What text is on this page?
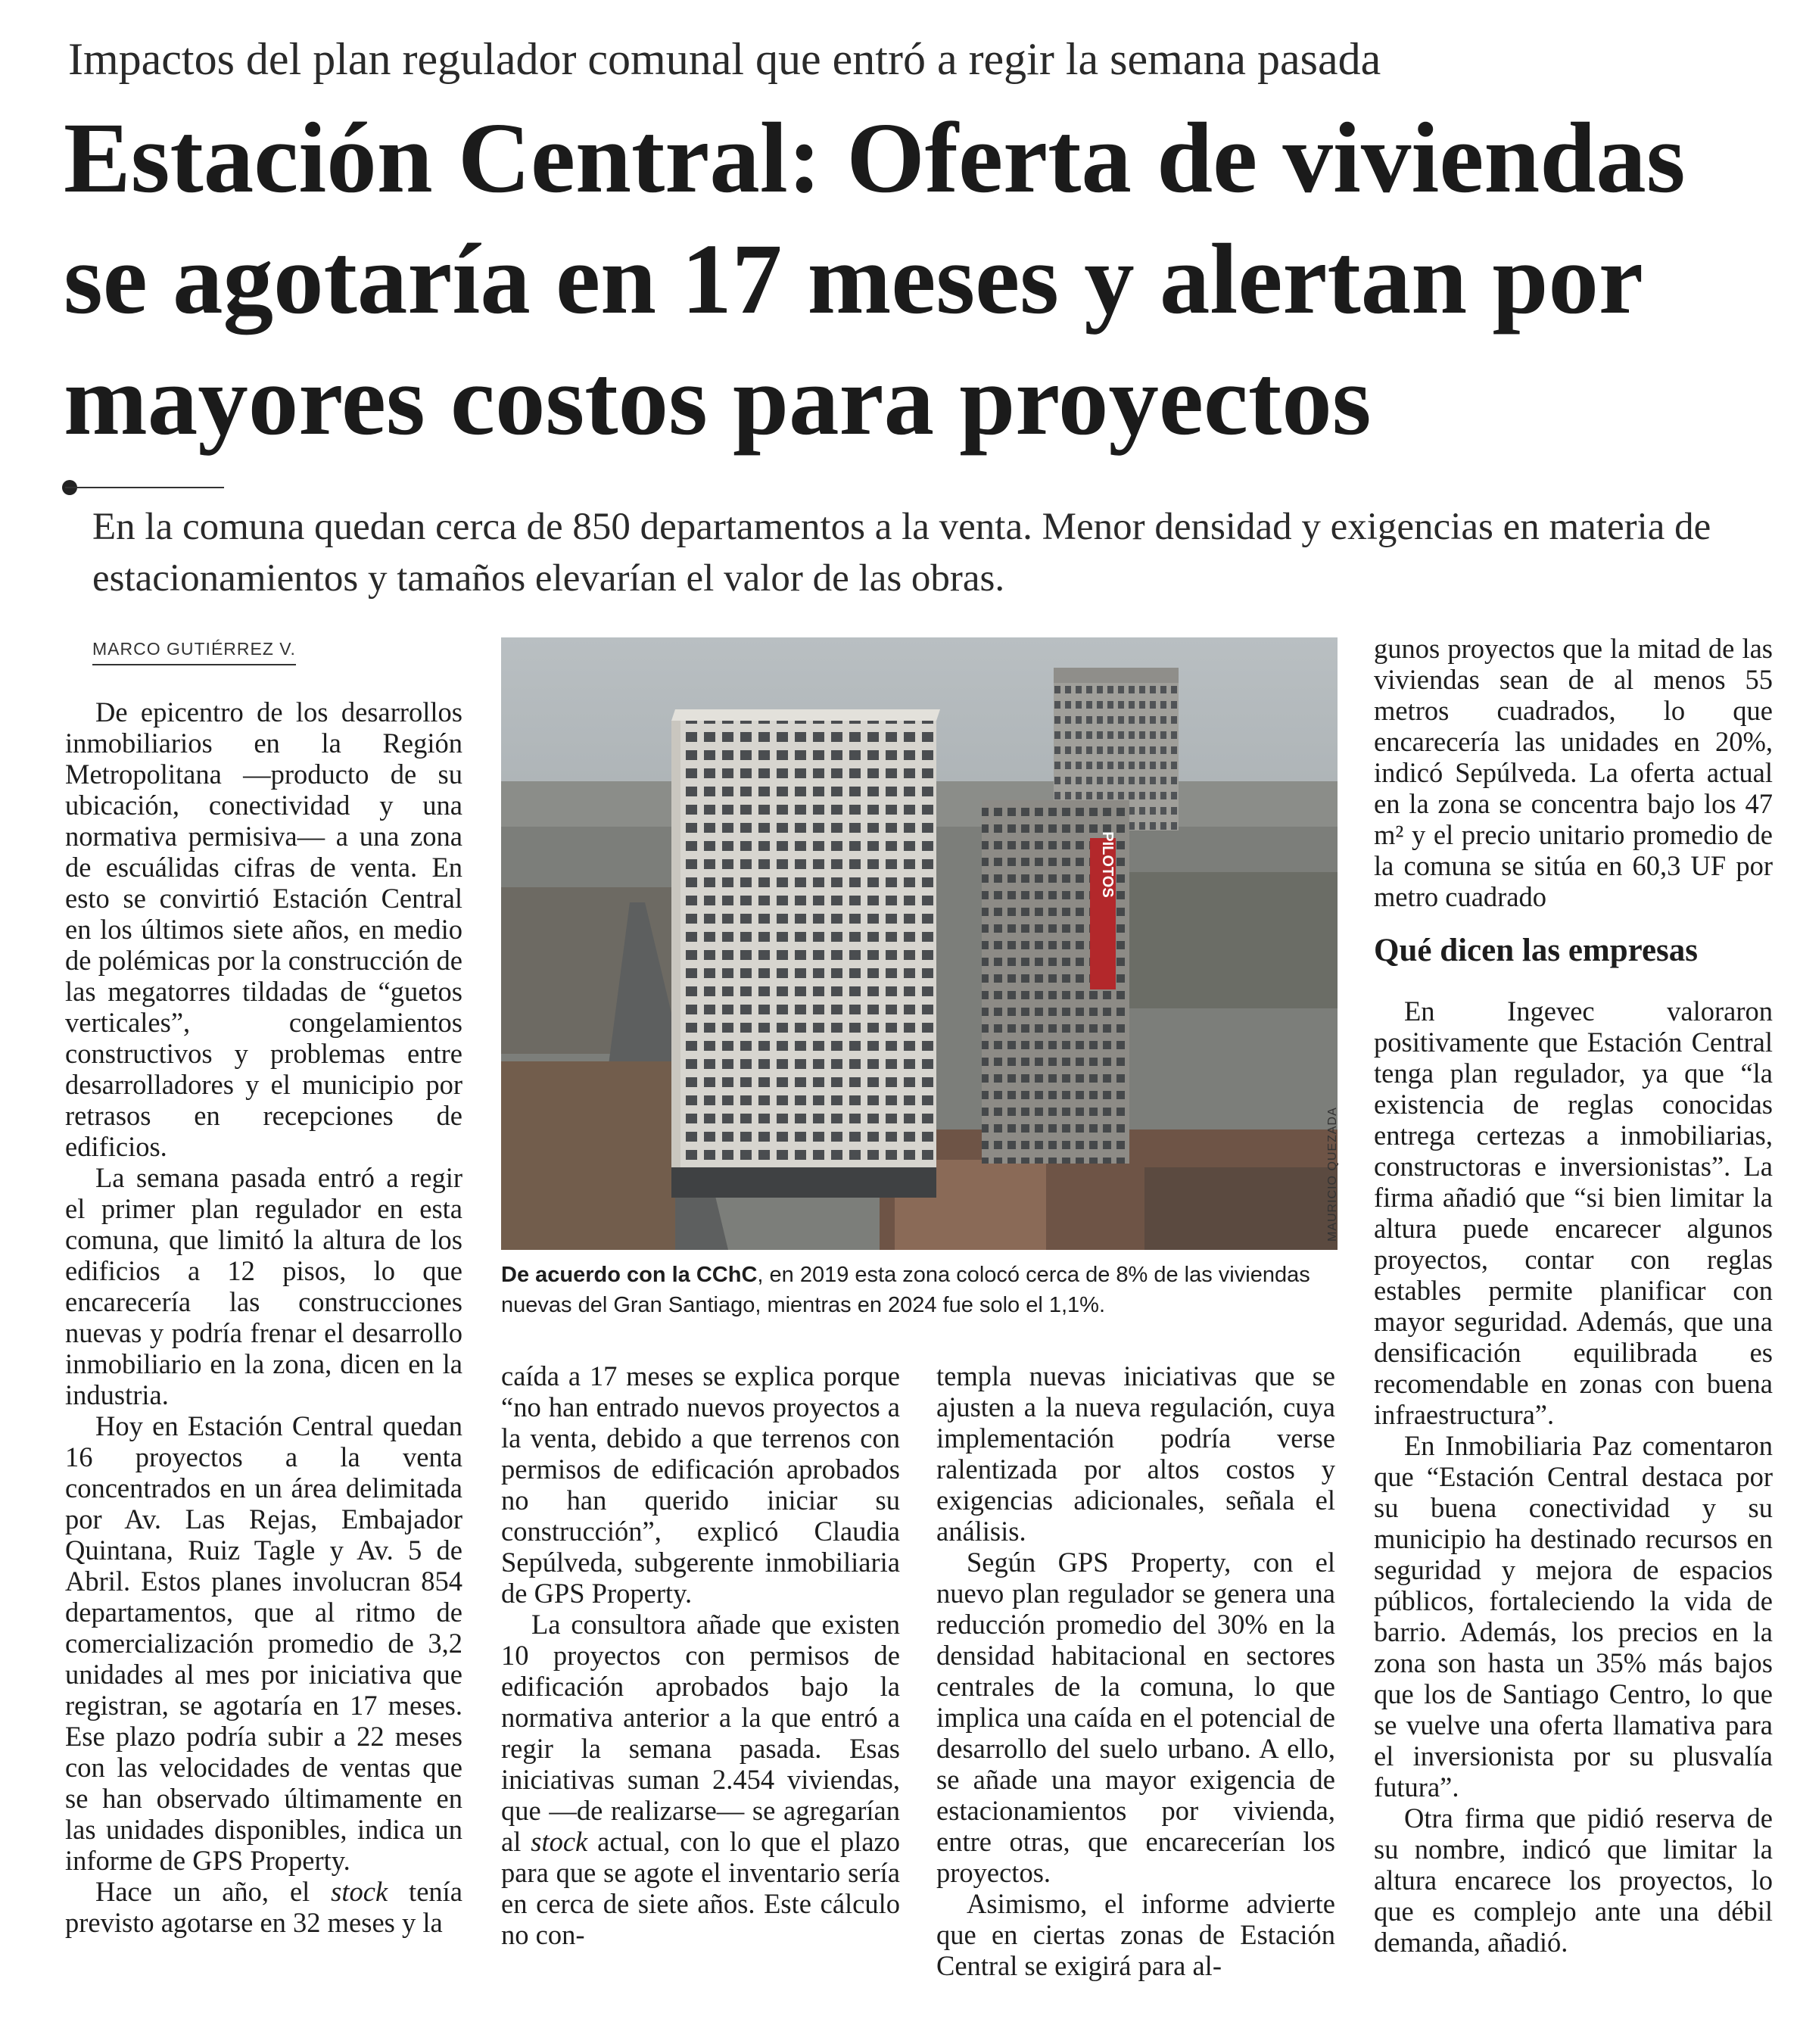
Impactos del plan regulador comunal que entró a regir la semana pasada
Estación Central: Oferta de viviendas se agotaría en 17 meses y alertan por mayores costos para proyectos
En la comuna quedan cerca de 850 departamentos a la venta. Menor densidad y exigencias en materia de estacionamientos y tamaños elevarían el valor de las obras.
MARCO GUTIÉRREZ V.

De epicentro de los desarrollos inmobiliarios en la Región Metropolitana —producto de su ubicación, conectividad y una normativa permisiva— a una zona de escuálidas cifras de venta. En esto se convirtió Estación Central en los últimos siete años, en medio de polémicas por la construcción de las megatorres tildadas de “guetos verticales”, congelamientos constructivos y problemas entre desarrolladores y el municipio por retrasos en recepciones de edificios.

La semana pasada entró a regir el primer plan regulador en esta comuna, que limitó la altura de los edificios a 12 pisos, lo que encarecería las construcciones nuevas y podría frenar el desarrollo inmobiliario en la zona, dicen en la industria.

Hoy en Estación Central quedan 16 proyectos a la venta concentrados en un área delimitada por Av. Las Rejas, Embajador Quintana, Ruiz Tagle y Av. 5 de Abril. Estos planes involucran 854 departamentos, que al ritmo de comercialización promedio de 3,2 unidades al mes por iniciativa que registran, se agotaría en 17 meses. Ese plazo podría subir a 22 meses con las velocidades de ventas que se han observado últimamente en las unidades disponibles, indica un informe de GPS Property.

Hace un año, el stock tenía previsto agotarse en 32 meses y la

PILOTOS
MAURICIO QUEZADA
De acuerdo con la CChC, en 2019 esta zona colocó cerca de 8% de las viviendas nuevas del Gran Santiago, mientras en 2024 fue solo el 1,1%.

caída a 17 meses se explica porque “no han entrado nuevos proyectos a la venta, debido a que terrenos con permisos de edificación aprobados no han querido iniciar su construcción”, explicó Claudia Sepúlveda, subgerente inmobiliaria de GPS Property.

La consultora añade que existen 10 proyectos con permisos de edificación aprobados bajo la normativa anterior a la que entró a regir la semana pasada. Esas iniciativas suman 2.454 viviendas, que —de realizarse— se agregarían al stock actual, con lo que el plazo para que se agote el inventario sería en cerca de siete años. Este cálculo no con-

templa nuevas iniciativas que se ajusten a la nueva regulación, cuya implementación podría verse ralentizada por altos costos y exigencias adicionales, señala el análisis.

Según GPS Property, con el nuevo plan regulador se genera una reducción promedio del 30% en la densidad habitacional en sectores centrales de la comuna, lo que implica una caída en el potencial de desarrollo del suelo urbano. A ello, se añade una mayor exigencia de estacionamientos por vivienda, entre otras, que encarecerían los proyectos.

Asimismo, el informe advierte que en ciertas zonas de Estación Central se exigirá para al-

gunos proyectos que la mitad de las viviendas sean de al menos 55 metros cuadrados, lo que encarecería las unidades en 20%, indicó Sepúlveda. La oferta actual en la zona se concentra bajo los 47 m² y el precio unitario promedio de la comuna se sitúa en 60,3 UF por metro cuadrado

Qué dicen las empresas

En Ingevec valoraron positivamente que Estación Central tenga plan regulador, ya que “la existencia de reglas conocidas entrega certezas a inmobiliarias, constructoras e inversionistas”. La firma añadió que “si bien limitar la altura puede encarecer algunos proyectos, contar con reglas estables permite planificar con mayor seguridad. Además, que una densificación equilibrada es recomendable en zonas con buena infraestructura”.

En Inmobiliaria Paz comentaron que “Estación Central destaca por su buena conectividad y su municipio ha destinado recursos en seguridad y mejora de espacios públicos, fortaleciendo la vida de barrio. Además, los precios en la zona son hasta un 35% más bajos que los de Santiago Centro, lo que se vuelve una oferta llamativa para el inversionista por su plusvalía futura”.

Otra firma que pidió reserva de su nombre, indicó que limitar la altura encarece los proyectos, lo que es complejo ante una débil demanda, añadió.
